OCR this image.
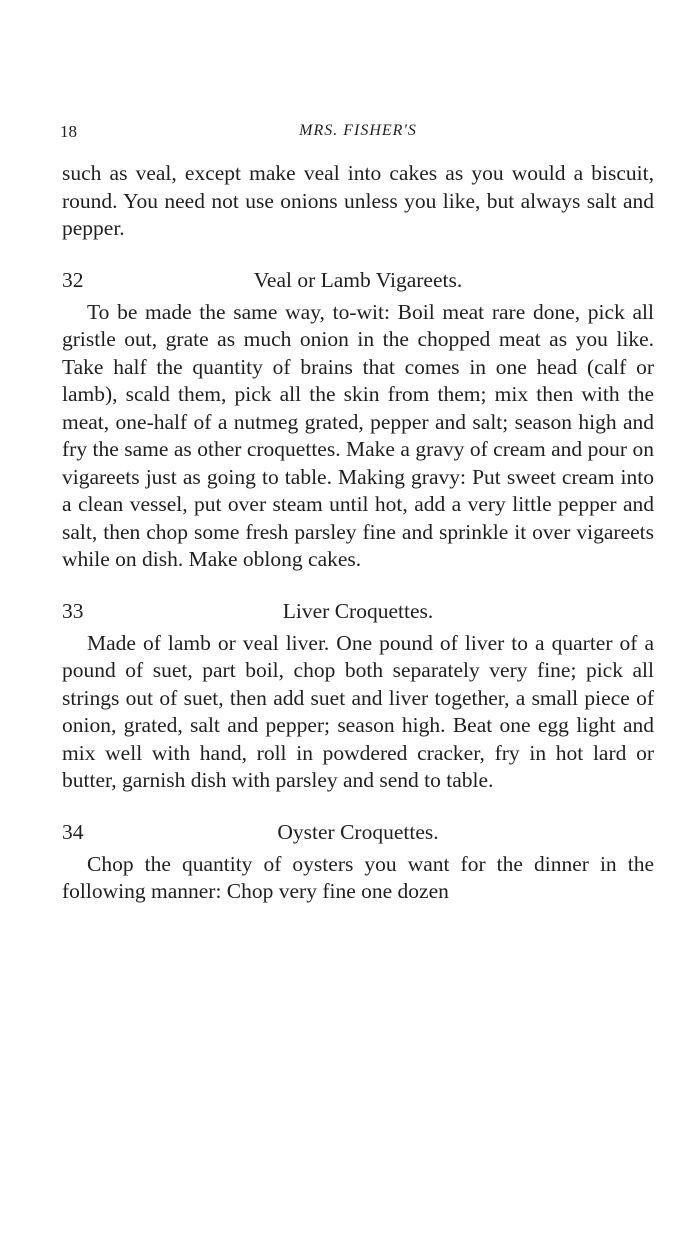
18	MRS. FISHER'S

such as veal, except make veal into cakes as you would a biscuit, round. You need not use onions unless you like, but always salt and pepper.

32	Veal or Lamb Vigareets.

To be made the same way, to-wit: Boil meat rare done, pick all gristle out, grate as much onion in the chopped meat as you like. Take half the quantity of brains that comes in one head (calf or lamb), scald them, pick all the skin from them; mix then with the meat, one-half of a nutmeg grated, pepper and salt; season high and fry the same as other croquettes. Make a gravy of cream and pour on vigareets just as going to table. Making gravy: Put sweet cream into a clean vessel, put over steam until hot, add a very little pepper and salt, then chop some fresh parsley fine and sprinkle it over vigareets while on dish. Make oblong cakes.

33	Liver Croquettes.

Made of lamb or veal liver. One pound of liver to a quarter of a pound of suet, part boil, chop both separately very fine; pick all strings out of suet, then add suet and liver together, a small piece of onion, grated, salt and pepper; season high. Beat one egg light and mix well with hand, roll in powdered cracker, fry in hot lard or butter, garnish dish with parsley and send to table.

34	Oyster Croquettes.

Chop the quantity of oysters you want for the dinner in the following manner: Chop very fine one dozen
